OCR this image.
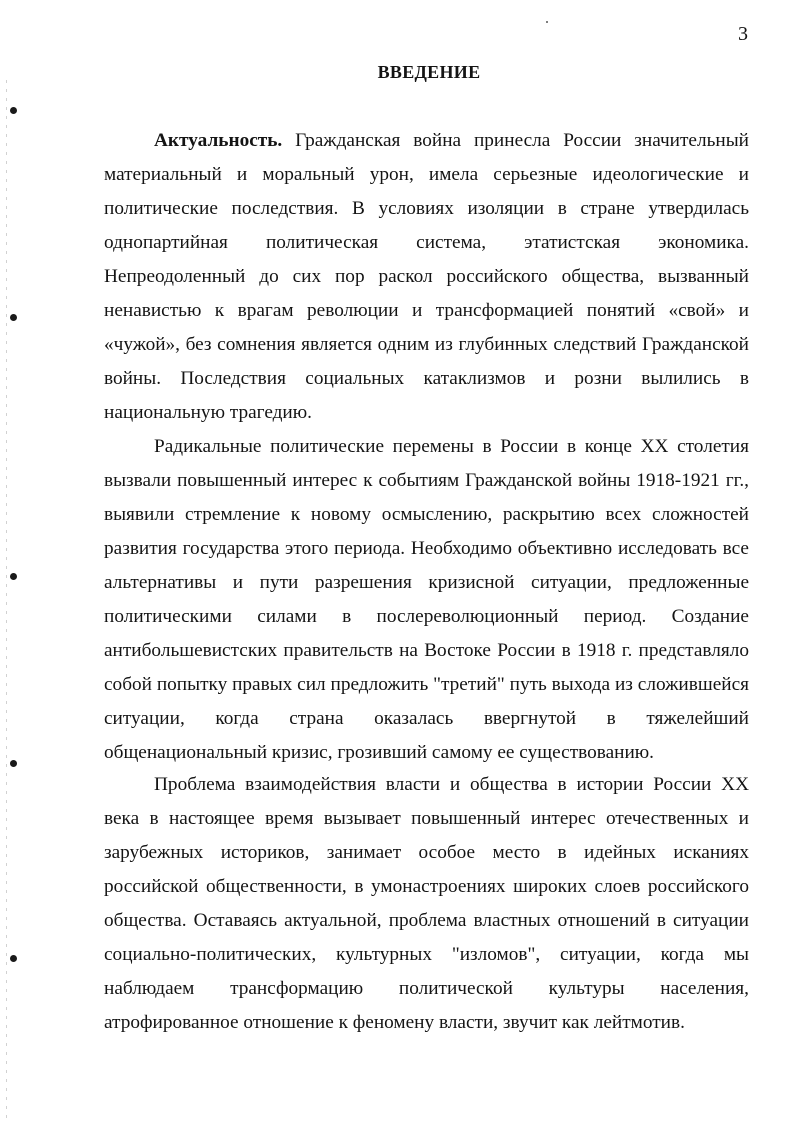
3
ВВЕДЕНИЕ

Актуальность. Гражданская война принесла России значительный материальный и моральный урон, имела серьезные идеологические и политические последствия. В условиях изоляции в стране утвердилась однопартийная политическая система, этатистская экономика. Непреодоленный до сих пор раскол российского общества, вызванный ненавистью к врагам революции и трансформацией понятий «свой» и «чужой», без сомнения является одним из глубинных следствий Гражданской войны. Последствия социальных катаклизмов и розни вылились в национальную трагедию.

Радикальные политические перемены в России в конце XX столетия вызвали повышенный интерес к событиям Гражданской войны 1918-1921 гг., выявили стремление к новому осмыслению, раскрытию всех сложностей развития государства этого периода. Необходимо объективно исследовать все альтернативы и пути разрешения кризисной ситуации, предложенные политическими силами в послереволюционный период. Создание антибольшевистских правительств на Востоке России в 1918 г. представляло собой попытку правых сил предложить "третий" путь выхода из сложившейся ситуации, когда страна оказалась ввергнутой в тяжелейший общенациональный кризис, грозивший самому ее существованию.

Проблема взаимодействия власти и общества в истории России XX века в настоящее время вызывает повышенный интерес отечественных и зарубежных историков, занимает особое место в идейных исканиях российской общественности, в умонастроениях широких слоев российского общества. Оставаясь актуальной, проблема властных отношений в ситуации социально-политических, культурных "изломов", ситуации, когда мы наблюдаем трансформацию политической культуры населения, атрофированное отношение к феномену власти, звучит как лейтмотив.
